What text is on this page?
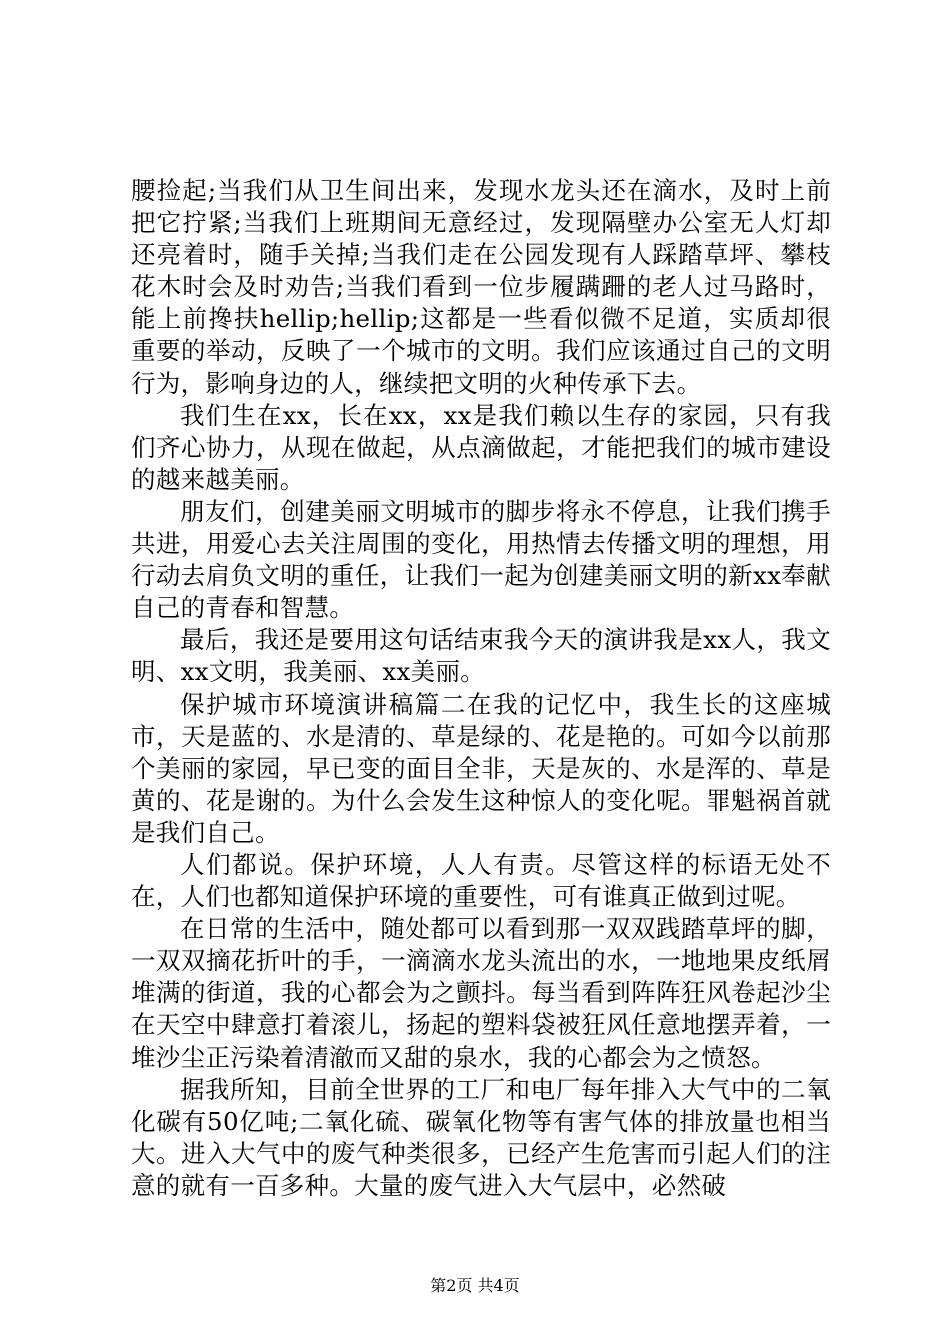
腰捡起;当我们从卫生间出来，发现水龙头还在滴水，及时上前把它拧紧;当我们上班期间无意经过，发现隔壁办公室无人灯却还亮着时，随手关掉;当我们走在公园发现有人踩踏草坪、攀枝花木时会及时劝告;当我们看到一位步履蹒跚的老人过马路时，能上前搀扶hellip;hellip;这都是一些看似微不足道，实质却很重要的举动，反映了一个城市的文明。我们应该通过自己的文明行为，影响身边的人，继续把文明的火种传承下去。

我们生在xx，长在xx，xx是我们赖以生存的家园，只有我们齐心协力，从现在做起，从点滴做起，才能把我们的城市建设的越来越美丽。

朋友们，创建美丽文明城市的脚步将永不停息，让我们携手共进，用爱心去关注周围的变化，用热情去传播文明的理想，用行动去肩负文明的重任，让我们一起为创建美丽文明的新xx奉献自己的青春和智慧。

最后，我还是要用这句话结束我今天的演讲我是xx人，我文明、xx文明，我美丽、xx美丽。

保护城市环境演讲稿篇二在我的记忆中，我生长的这座城市，天是蓝的、水是清的、草是绿的、花是艳的。可如今以前那个美丽的家园，早已变的面目全非，天是灰的、水是浑的、草是黄的、花是谢的。为什么会发生这种惊人的变化呢。罪魁祸首就是我们自己。

人们都说。保护环境，人人有责。尽管这样的标语无处不在，人们也都知道保护环境的重要性，可有谁真正做到过呢。

在日常的生活中，随处都可以看到那一双双践踏草坪的脚，一双双摘花折叶的手，一滴滴水龙头流出的水，一地地果皮纸屑堆满的街道，我的心都会为之颤抖。每当看到阵阵狂风卷起沙尘在天空中肆意打着滚儿，扬起的塑料袋被狂风任意地摆弄着，一堆沙尘正污染着清澈而又甜的泉水，我的心都会为之愤怒。

据我所知，目前全世界的工厂和电厂每年排入大气中的二氧化碳有50亿吨;二氧化硫、碳氧化物等有害气体的排放量也相当大。进入大气中的废气种类很多，已经产生危害而引起人们的注意的就有一百多种。大量的废气进入大气层中，必然破

第2页 共4页
